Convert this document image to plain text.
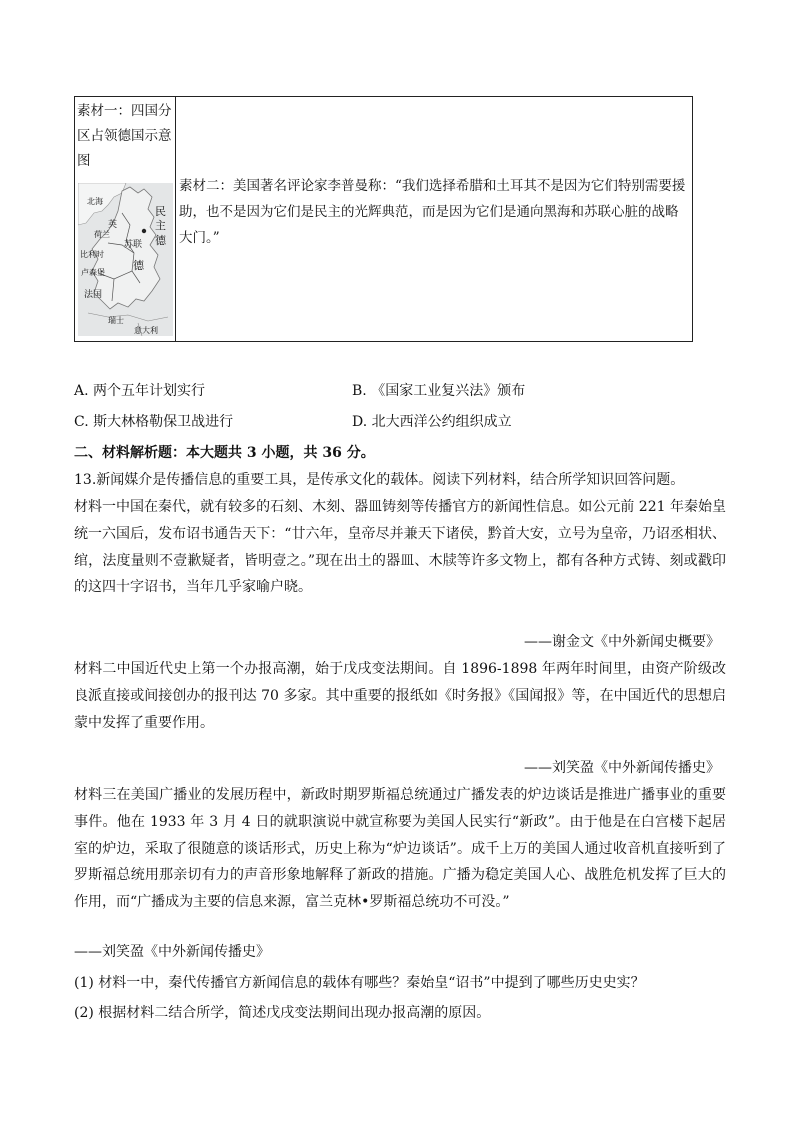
素材一：四国分区占领德国示意图
北海
英
民
主
德
荷兰
苏联
比利时
德
卢森堡
法国
瑞士
意大利
素材二：美国著名评论家李普曼称：“我们选择希腊和土耳其不是因为它们特别需要援助，也不是因为它们是民主的光辉典范，而是因为它们是通向黑海和苏联心脏的战略大门。”
A. 两个五年计划实行	B. 《国家工业复兴法》颁布
C. 斯大林格勒保卫战进行	D. 北大西洋公约组织成立
二、材料解析题：本大题共 3 小题，共 36 分。
13.新闻媒介是传播信息的重要工具，是传承文化的载体。阅读下列材料，结合所学知识回答问题。
材料一中国在秦代，就有较多的石刻、木刻、器皿铸刻等传播官方的新闻性信息。如公元前 221 年秦始皇统一六国后，发布诏书通告天下：“廿六年，皇帝尽并兼天下诸侯，黔首大安，立号为皇帝，乃诏丞相状、绾，法度量则不壹歉疑者，皆明壹之。”现在出土的器皿、木牍等许多文物上，都有各种方式铸、刻或戳印的这四十字诏书，当年几乎家喻户晓。
——谢金文《中外新闻史概要》
材料二中国近代史上第一个办报高潮，始于戊戌变法期间。自 1896-1898 年两年时间里，由资产阶级改良派直接或间接创办的报刊达 70 多家。其中重要的报纸如《时务报》《国闻报》等，在中国近代的思想启蒙中发挥了重要作用。
——刘笑盈《中外新闻传播史》
材料三在美国广播业的发展历程中，新政时期罗斯福总统通过广播发表的炉边谈话是推进广播事业的重要事件。他在 1933 年 3 月 4 日的就职演说中就宣称要为美国人民实行“新政”。由于他是在白宫楼下起居室的炉边，采取了很随意的谈话形式，历史上称为“炉边谈话”。成千上万的美国人通过收音机直接听到了罗斯福总统用那亲切有力的声音形象地解释了新政的措施。广播为稳定美国人心、战胜危机发挥了巨大的作用，而“广播成为主要的信息来源，富兰克林•罗斯福总统功不可没。”
——刘笑盈《中外新闻传播史》
(1) 材料一中，秦代传播官方新闻信息的载体有哪些？秦始皇“诏书”中提到了哪些历史史实？
(2) 根据材料二结合所学，简述戊戌变法期间出现办报高潮的原因。
